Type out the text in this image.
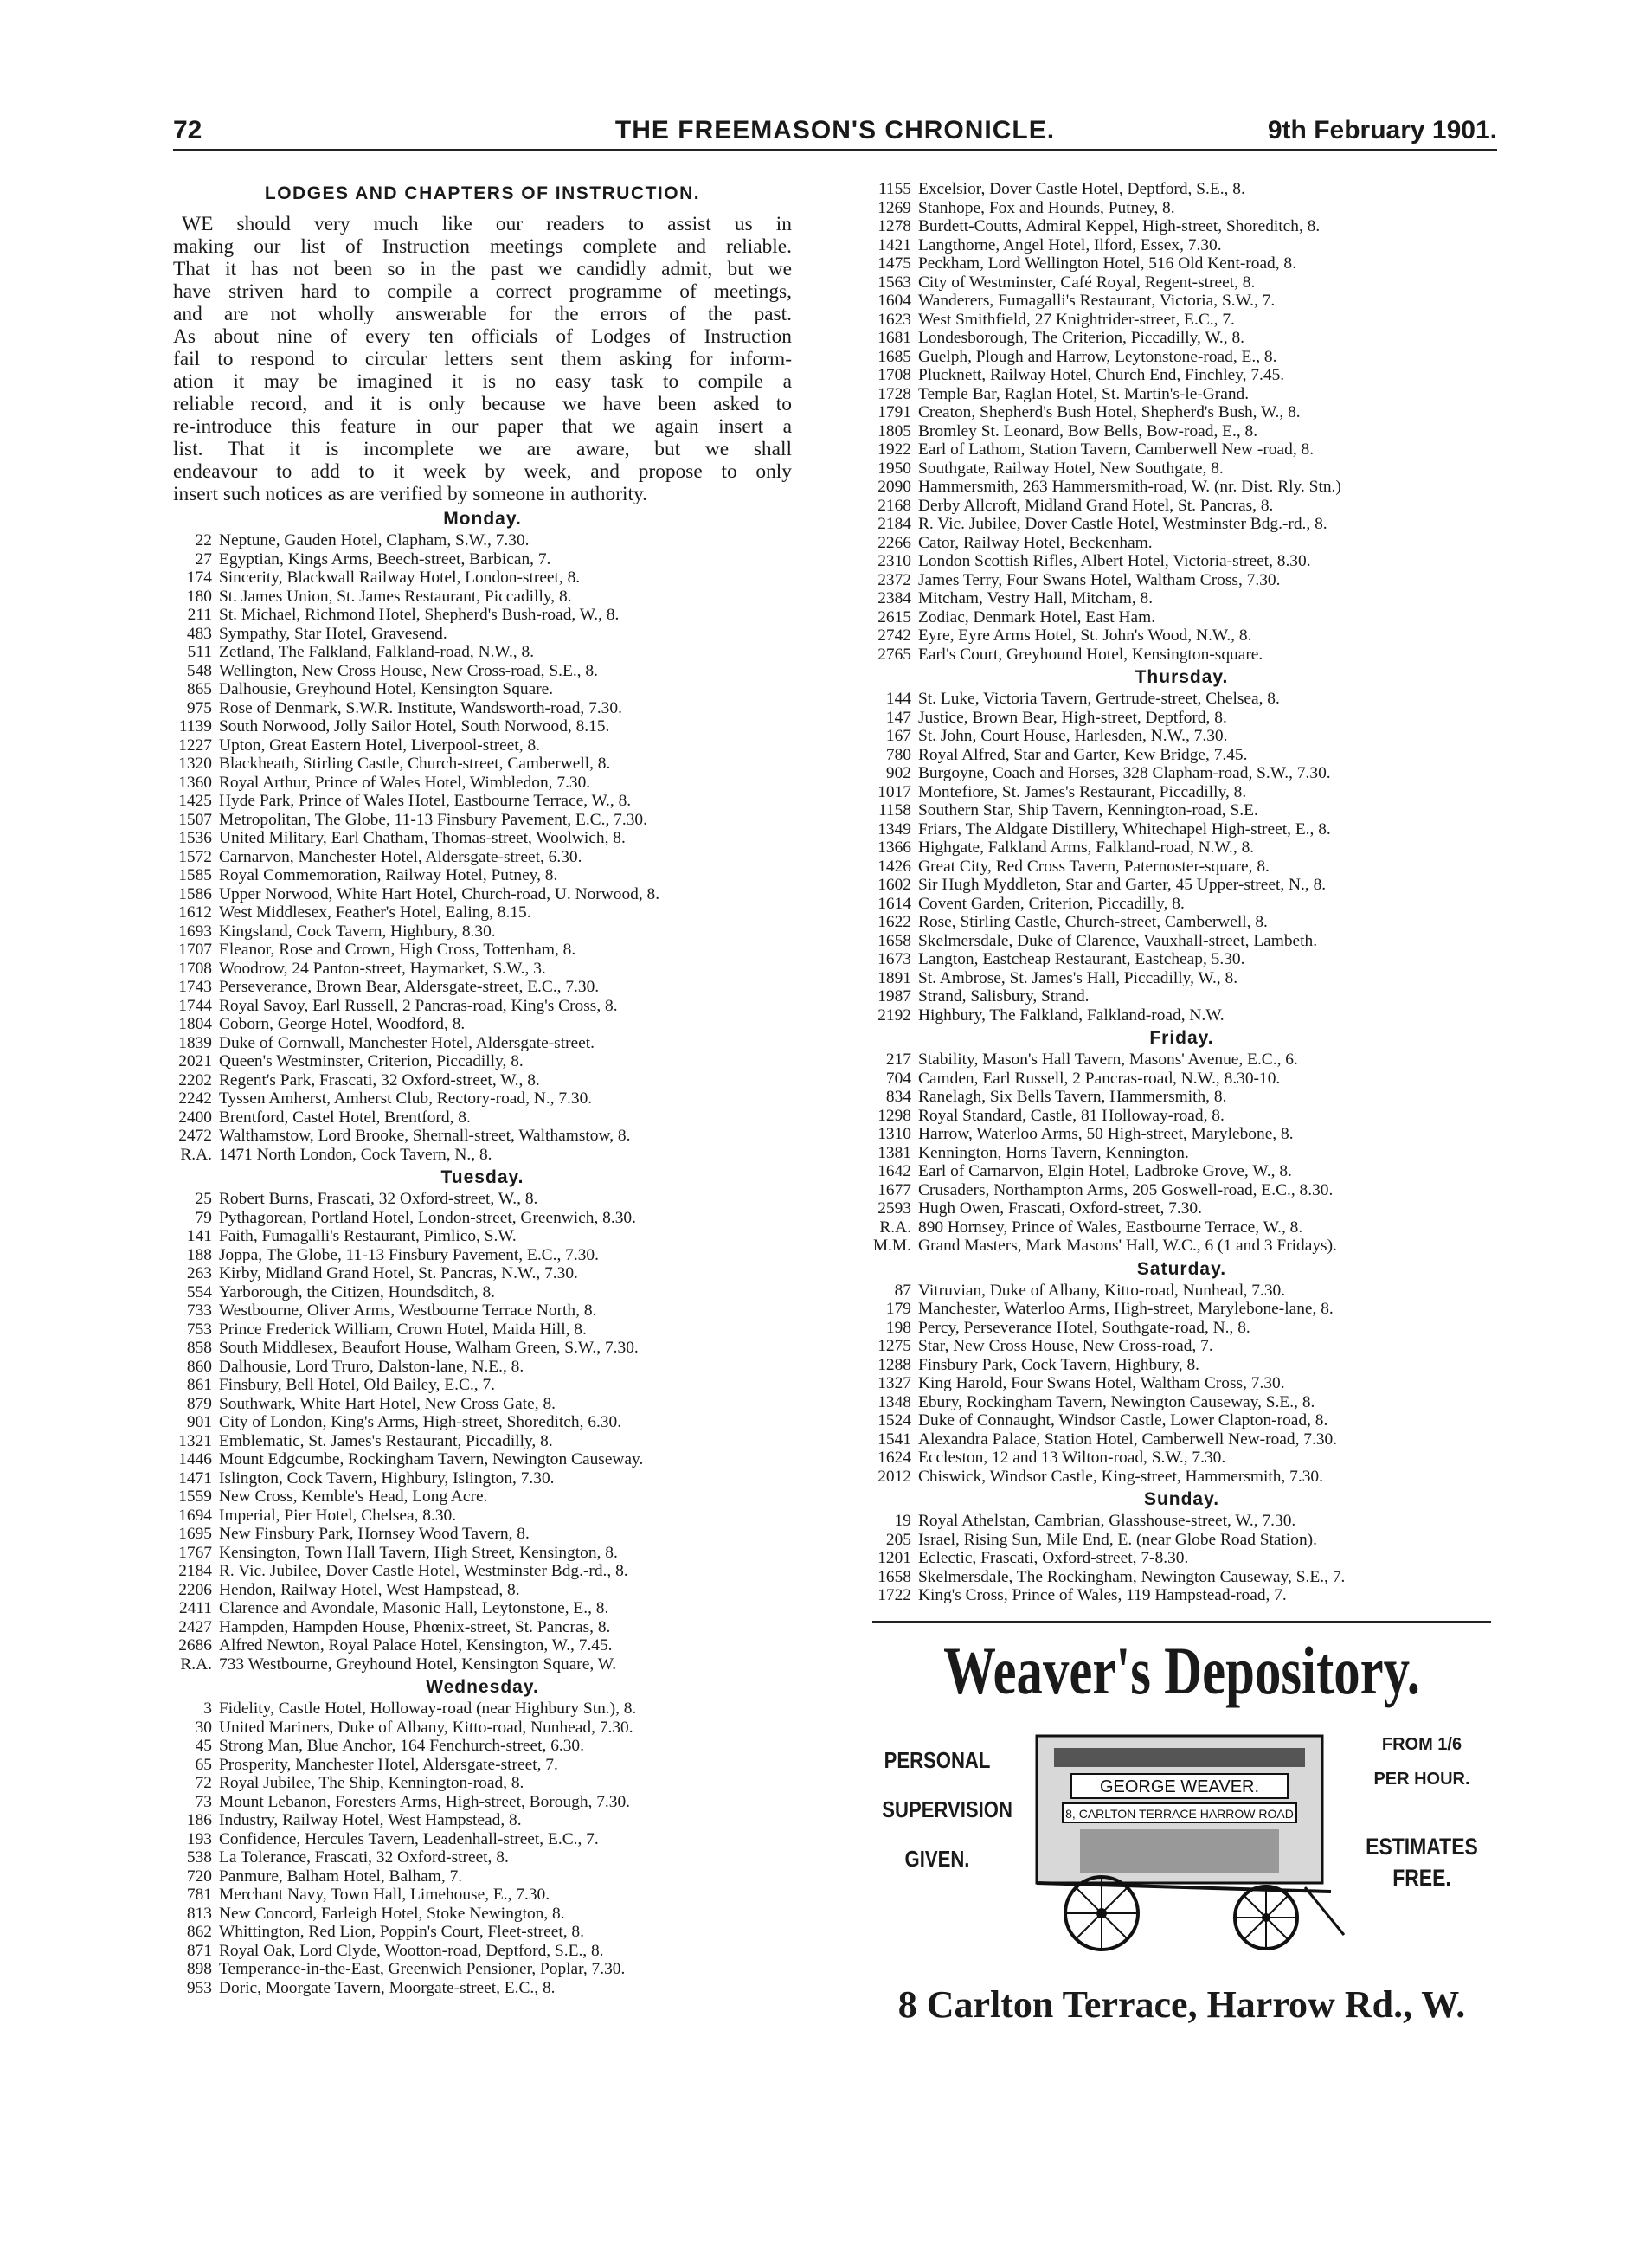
72	THE FREEMASON'S CHRONICLE.	9th February 1901.
LODGES AND CHAPTERS OF INSTRUCTION.
WE should very much like our readers to assist us in
making our list of Instruction meetings complete and reliable.
That it has not been so in the past we candidly admit, but we
have striven hard to compile a correct programme of meetings,
and are not wholly answerable for the errors of the past.
As about nine of every ten officials of Lodges of Instruction
fail to respond to circular letters sent them asking for inform-
ation it may be imagined it is no easy task to compile a
reliable record, and it is only because we have been asked to
re-introduce this feature in our paper that we again insert a
list. That it is incomplete we are aware, but we shall
endeavour to add to it week by week, and propose to only
insert such notices as are verified by someone in authority.
Monday.
22 Neptune, Gauden Hotel, Clapham, S.W., 7.30.
27 Egyptian, Kings Arms, Beech-street, Barbican, 7.
174 Sincerity, Blackwall Railway Hotel, London-street, 8.
180 St. James Union, St. James Restaurant, Piccadilly, 8.
211 St. Michael, Richmond Hotel, Shepherd's Bush-road, W., 8.
483 Sympathy, Star Hotel, Gravesend.
511 Zetland, The Falkland, Falkland-road, N.W., 8.
548 Wellington, New Cross House, New Cross-road, S.E., 8.
865 Dalhousie, Greyhound Hotel, Kensington Square.
975 Rose of Denmark, S.W.R. Institute, Wandsworth-road, 7.30.
1139 South Norwood, Jolly Sailor Hotel, South Norwood, 8.15.
1227 Upton, Great Eastern Hotel, Liverpool-street, 8.
1320 Blackheath, Stirling Castle, Church-street, Camberwell, 8.
1360 Royal Arthur, Prince of Wales Hotel, Wimbledon, 7.30.
1425 Hyde Park, Prince of Wales Hotel, Eastbourne Terrace, W., 8.
1507 Metropolitan, The Globe, 11-13 Finsbury Pavement, E.C., 7.30.
1536 United Military, Earl Chatham, Thomas-street, Woolwich, 8.
1572 Carnarvon, Manchester Hotel, Aldersgate-street, 6.30.
1585 Royal Commemoration, Railway Hotel, Putney, 8.
1586 Upper Norwood, White Hart Hotel, Church-road, U. Norwood, 8.
1612 West Middlesex, Feather's Hotel, Ealing, 8.15.
1693 Kingsland, Cock Tavern, Highbury, 8.30.
1707 Eleanor, Rose and Crown, High Cross, Tottenham, 8.
1708 Woodrow, 24 Panton-street, Haymarket, S.W., 3.
1743 Perseverance, Brown Bear, Aldersgate-street, E.C., 7.30.
1744 Royal Savoy, Earl Russell, 2 Pancras-road, King's Cross, 8.
1804 Coborn, George Hotel, Woodford, 8.
1839 Duke of Cornwall, Manchester Hotel, Aldersgate-street.
2021 Queen's Westminster, Criterion, Piccadilly, 8.
2202 Regent's Park, Frascati, 32 Oxford-street, W., 8.
2242 Tyssen Amherst, Amherst Club, Rectory-road, N., 7.30.
2400 Brentford, Castel Hotel, Brentford, 8.
2472 Walthamstow, Lord Brooke, Shernall-street, Walthamstow, 8.
R.A. 1471 North London, Cock Tavern, N., 8.
Tuesday.
25 Robert Burns, Frascati, 32 Oxford-street, W., 8.
79 Pythagorean, Portland Hotel, London-street, Greenwich, 8.30.
141 Faith, Fumagalli's Restaurant, Pimlico, S.W.
188 Joppa, The Globe, 11-13 Finsbury Pavement, E.C., 7.30.
263 Kirby, Midland Grand Hotel, St. Pancras, N.W., 7.30.
554 Yarborough, the Citizen, Houndsditch, 8.
733 Westbourne, Oliver Arms, Westbourne Terrace North, 8.
753 Prince Frederick William, Crown Hotel, Maida Hill, 8.
858 South Middlesex, Beaufort House, Walham Green, S.W., 7.30.
860 Dalhousie, Lord Truro, Dalston-lane, N.E., 8.
861 Finsbury, Bell Hotel, Old Bailey, E.C., 7.
879 Southwark, White Hart Hotel, New Cross Gate, 8.
901 City of London, King's Arms, High-street, Shoreditch, 6.30.
1321 Emblematic, St. James's Restaurant, Piccadilly, 8.
1446 Mount Edgcumbe, Rockingham Tavern, Newington Causeway.
1471 Islington, Cock Tavern, Highbury, Islington, 7.30.
1559 New Cross, Kemble's Head, Long Acre.
1694 Imperial, Pier Hotel, Chelsea, 8.30.
1695 New Finsbury Park, Hornsey Wood Tavern, 8.
1767 Kensington, Town Hall Tavern, High Street, Kensington, 8.
2184 R. Vic. Jubilee, Dover Castle Hotel, Westminster Bdg.-rd., 8.
2206 Hendon, Railway Hotel, West Hampstead, 8.
2411 Clarence and Avondale, Masonic Hall, Leytonstone, E., 8.
2427 Hampden, Hampden House, Phœnix-street, St. Pancras, 8.
2686 Alfred Newton, Royal Palace Hotel, Kensington, W., 7.45.
R.A. 733 Westbourne, Greyhound Hotel, Kensington Square, W.
Wednesday.
3 Fidelity, Castle Hotel, Holloway-road (near Highbury Stn.), 8.
30 United Mariners, Duke of Albany, Kitto-road, Nunhead, 7.30.
45 Strong Man, Blue Anchor, 164 Fenchurch-street, 6.30.
65 Prosperity, Manchester Hotel, Aldersgate-street, 7.
72 Royal Jubilee, The Ship, Kennington-road, 8.
73 Mount Lebanon, Foresters Arms, High-street, Borough, 7.30.
186 Industry, Railway Hotel, West Hampstead, 8.
193 Confidence, Hercules Tavern, Leadenhall-street, E.C., 7.
538 La Tolerance, Frascati, 32 Oxford-street, 8.
720 Panmure, Balham Hotel, Balham, 7.
781 Merchant Navy, Town Hall, Limehouse, E., 7.30.
813 New Concord, Farleigh Hotel, Stoke Newington, 8.
862 Whittington, Red Lion, Poppin's Court, Fleet-street, 8.
871 Royal Oak, Lord Clyde, Wootton-road, Deptford, S.E., 8.
898 Temperance-in-the-East, Greenwich Pensioner, Poplar, 7.30.
953 Doric, Moorgate Tavern, Moorgate-street, E.C., 8.
1155 Excelsior, Dover Castle Hotel, Deptford, S.E., 8.
1269 Stanhope, Fox and Hounds, Putney, 8.
1278 Burdett-Coutts, Admiral Keppel, High-street, Shoreditch, 8.
1421 Langthorne, Angel Hotel, Ilford, Essex, 7.30.
1475 Peckham, Lord Wellington Hotel, 516 Old Kent-road, 8.
1563 City of Westminster, Café Royal, Regent-street, 8.
1604 Wanderers, Fumagalli's Restaurant, Victoria, S.W., 7.
1623 West Smithfield, 27 Knightrider-street, E.C., 7.
1681 Londesborough, The Criterion, Piccadilly, W., 8.
1685 Guelph, Plough and Harrow, Leytonstone-road, E., 8.
1708 Plucknett, Railway Hotel, Church End, Finchley, 7.45.
1728 Temple Bar, Raglan Hotel, St. Martin's-le-Grand.
1791 Creaton, Shepherd's Bush Hotel, Shepherd's Bush, W., 8.
1805 Bromley St. Leonard, Bow Bells, Bow-road, E., 8.
1922 Earl of Lathom, Station Tavern, Camberwell New -road, 8.
1950 Southgate, Railway Hotel, New Southgate, 8.
2090 Hammersmith, 263 Hammersmith-road, W. (nr. Dist. Rly. Stn.)
2168 Derby Allcroft, Midland Grand Hotel, St. Pancras, 8.
2184 R. Vic. Jubilee, Dover Castle Hotel, Westminster Bdg.-rd., 8.
2266 Cator, Railway Hotel, Beckenham.
2310 London Scottish Rifles, Albert Hotel, Victoria-street, 8.30.
2372 James Terry, Four Swans Hotel, Waltham Cross, 7.30.
2384 Mitcham, Vestry Hall, Mitcham, 8.
2615 Zodiac, Denmark Hotel, East Ham.
2742 Eyre, Eyre Arms Hotel, St. John's Wood, N.W., 8.
2765 Earl's Court, Greyhound Hotel, Kensington-square.
Thursday.
144 St. Luke, Victoria Tavern, Gertrude-street, Chelsea, 8.
147 Justice, Brown Bear, High-street, Deptford, 8.
167 St. John, Court House, Harlesden, N.W., 7.30.
780 Royal Alfred, Star and Garter, Kew Bridge, 7.45.
902 Burgoyne, Coach and Horses, 328 Clapham-road, S.W., 7.30.
1017 Montefiore, St. James's Restaurant, Piccadilly, 8.
1158 Southern Star, Ship Tavern, Kennington-road, S.E.
1349 Friars, The Aldgate Distillery, Whitechapel High-street, E., 8.
1366 Highgate, Falkland Arms, Falkland-road, N.W., 8.
1426 Great City, Red Cross Tavern, Paternoster-square, 8.
1602 Sir Hugh Myddleton, Star and Garter, 45 Upper-street, N., 8.
1614 Covent Garden, Criterion, Piccadilly, 8.
1622 Rose, Stirling Castle, Church-street, Camberwell, 8.
1658 Skelmersdale, Duke of Clarence, Vauxhall-street, Lambeth.
1673 Langton, Eastcheap Restaurant, Eastcheap, 5.30.
1891 St. Ambrose, St. James's Hall, Piccadilly, W., 8.
1987 Strand, Salisbury, Strand.
2192 Highbury, The Falkland, Falkland-road, N.W.
Friday.
217 Stability, Mason's Hall Tavern, Masons' Avenue, E.C., 6.
704 Camden, Earl Russell, 2 Pancras-road, N.W., 8.30-10.
834 Ranelagh, Six Bells Tavern, Hammersmith, 8.
1298 Royal Standard, Castle, 81 Holloway-road, 8.
1310 Harrow, Waterloo Arms, 50 High-street, Marylebone, 8.
1381 Kennington, Horns Tavern, Kennington.
1642 Earl of Carnarvon, Elgin Hotel, Ladbroke Grove, W., 8.
1677 Crusaders, Northampton Arms, 205 Goswell-road, E.C., 8.30.
2593 Hugh Owen, Frascati, Oxford-street, 7.30.
R.A. 890 Hornsey, Prince of Wales, Eastbourne Terrace, W., 8.
M.M. Grand Masters, Mark Masons' Hall, W.C., 6 (1 and 3 Fridays).
Saturday.
87 Vitruvian, Duke of Albany, Kitto-road, Nunhead, 7.30.
179 Manchester, Waterloo Arms, High-street, Marylebone-lane, 8.
198 Percy, Perseverance Hotel, Southgate-road, N., 8.
1275 Star, New Cross House, New Cross-road, 7.
1288 Finsbury Park, Cock Tavern, Highbury, 8.
1327 King Harold, Four Swans Hotel, Waltham Cross, 7.30.
1348 Ebury, Rockingham Tavern, Newington Causeway, S.E., 8.
1524 Duke of Connaught, Windsor Castle, Lower Clapton-road, 8.
1541 Alexandra Palace, Station Hotel, Camberwell New-road, 7.30.
1624 Eccleston, 12 and 13 Wilton-road, S.W., 7.30.
2012 Chiswick, Windsor Castle, King-street, Hammersmith, 7.30.
Sunday.
19 Royal Athelstan, Cambrian, Glasshouse-street, W., 7.30.
205 Israel, Rising Sun, Mile End, E. (near Globe Road Station).
1201 Eclectic, Frascati, Oxford-street, 7-8.30.
1658 Skelmersdale, The Rockingham, Newington Causeway, S.E., 7.
1722 King's Cross, Prince of Wales, 119 Hampstead-road, 7.
Weaver's Depository.
PERSONAL
SUPERVISION
GIVEN.
GEORGE WEAVER.
8, CARLTON TERRACE HARROW ROAD
FROM 1/6
PER HOUR.
ESTIMATES
FREE.
8 Carlton Terrace, Harrow Rd., W.
